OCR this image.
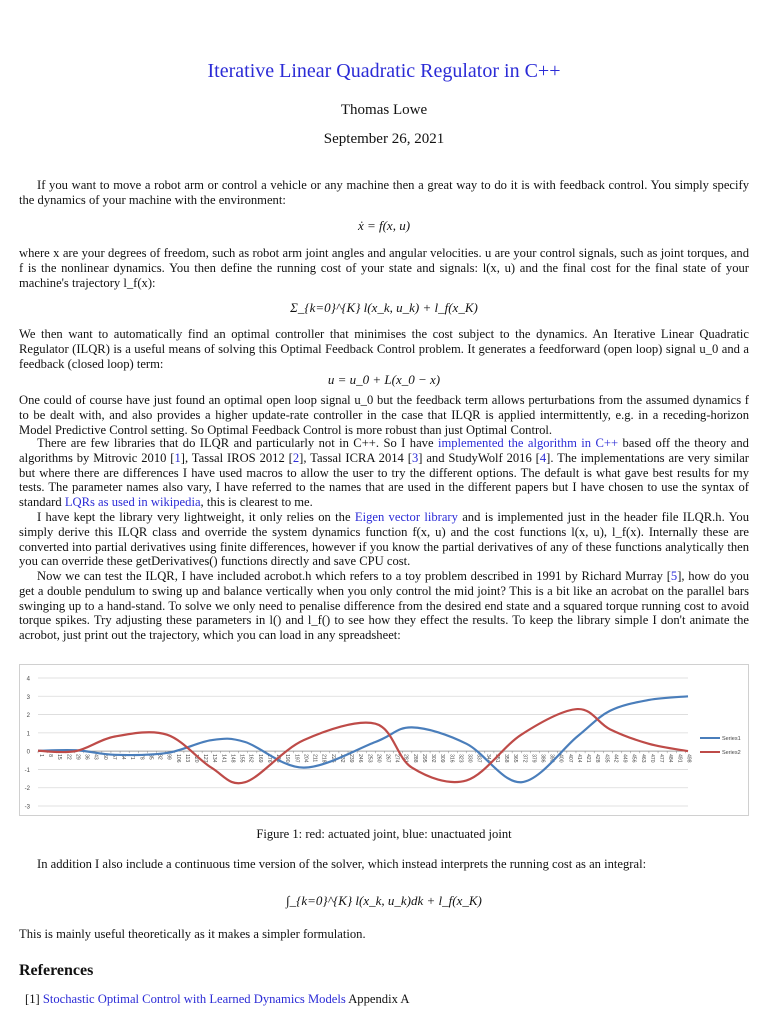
Iterative Linear Quadratic Regulator in C++
Thomas Lowe
September 26, 2021
If you want to move a robot arm or control a vehicle or any machine then a great way to do it is with feedback control. You simply specify the dynamics of your machine with the environment:
ẋ = f(x, u)
where x are your degrees of freedom, such as robot arm joint angles and angular velocities. u are your control signals, such as joint torques, and f is the nonlinear dynamics. You then define the running cost of your state and signals: l(x, u) and the final cost for the final state of your machine's trajectory l_f(x):
Σ_{k=0}^{K} l(x_k, u_k) + l_f(x_K)
We then want to automatically find an optimal controller that minimises the cost subject to the dynamics. An Iterative Linear Quadratic Regulator (ILQR) is a useful means of solving this Optimal Feedback Control problem. It generates a feedforward (open loop) signal u_0 and a feedback (closed loop) term:
u = u_0 + L(x_0 − x)
One could of course have just found an optimal open loop signal u_0 but the feedback term allows perturbations from the assumed dynamics f to be dealt with, and also provides a higher update-rate controller in the case that ILQR is applied intermittently, e.g. in a receding-horizon Model Predictive Control setting. So Optimal Feedback Control is more robust than just Optimal Control.
There are few libraries that do ILQR and particularly not in C++. So I have implemented the algorithm in C++ based off the theory and algorithms by Mitrovic 2010 [1], Tassal IROS 2012 [2], Tassal ICRA 2014 [3] and StudyWolf 2016 [4]. The implementations are very similar but where there are differences I have used macros to allow the user to try the different options. The default is what gave best results for my tests. The parameter names also vary, I have referred to the names that are used in the different papers but I have chosen to use the syntax of standard LQRs as used in wikipedia, this is clearest to me.
I have kept the library very lightweight, it only relies on the Eigen vector library and is implemented just in the header file ILQR.h. You simply derive this ILQR class and override the system dynamics function f(x, u) and the cost functions l(x, u), l_f(x). Internally these are converted into partial derivatives using finite differences, however if you know the partial derivatives of any of these functions analytically then you can override these getDerivatives() functions directly and save CPU cost.
Now we can test the ILQR, I have included acrobot.h which refers to a toy problem described in 1991 by Richard Murray [5], how do you get a double pendulum to swing up and balance vertically when you only control the mid joint? This is a bit like an acrobat on the parallel bars swinging up to a hand-stand. To solve we only need to penalise difference from the desired end state and a squared torque running cost to avoid torque spikes. Try adjusting these parameters in l() and l_f() to see how they effect the results. To keep the library simple I don't animate the acrobot, just print out the trajectory, which you can load in any spreadsheet:
4
3
2
1
0
-1
-2
-3
1 8 15 22 29 36 43 50 57 64 71 78 85 92 99 106 113 120 127 134 141 148 155 162 169 176 183 190 197 204 211 218 225 232 239 246 253 260 267 274 281 288 295 302 309 316 323 330 337 344 351 358 365 372 379 386 393 400 407 414 421 428 435 442 449 456 463 470 477 484 491 498
Series1
Series2
Figure 1: red: actuated joint, blue: unactuated joint
In addition I also include a continuous time version of the solver, which instead interprets the running cost as an integral:
∫_{k=0}^{K} l(x_k, u_k)dk + l_f(x_K)
This is mainly useful theoretically as it makes a simpler formulation.
References
[1] Stochastic Optimal Control with Learned Dynamics Models Appendix A
